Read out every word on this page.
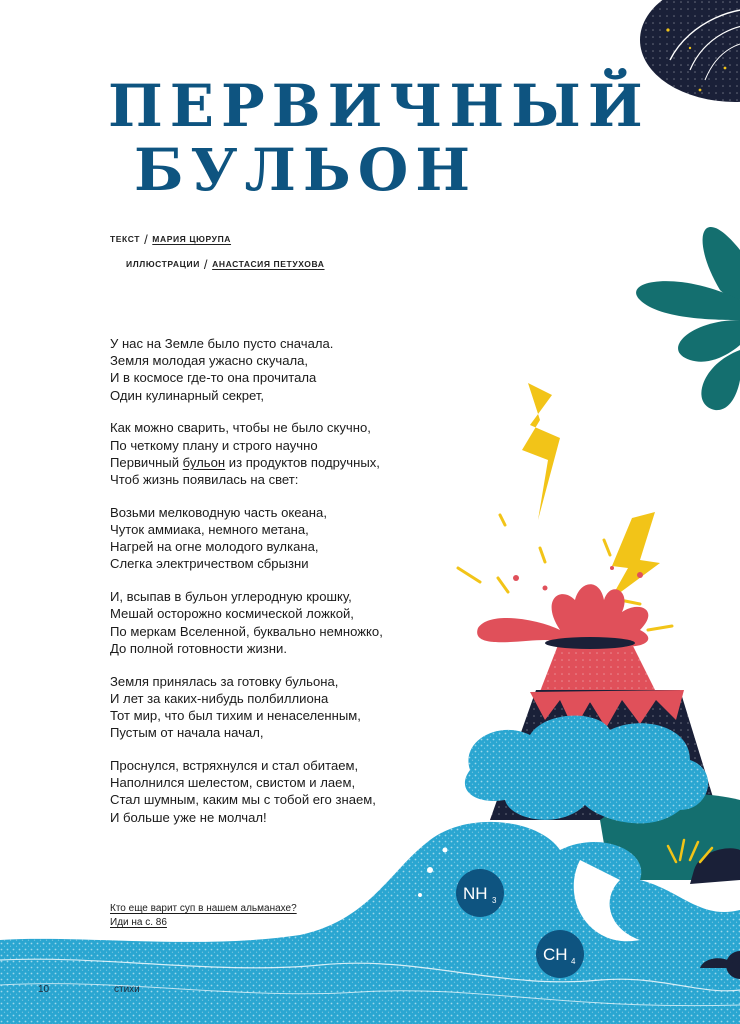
NH 3
CH 4
ПЕРВИЧНЫЙ
БУЛЬОН
ТЕКСТ / МАРИЯ ЦЮРУПА
ИЛЛЮСТРАЦИИ / АНАСТАСИЯ ПЕТУХОВА

У нас на Земле было пусто сначала.

Земля молодая ужасно скучала,

И в космосе где-то она прочитала

Один кулинарный секрет,

Как можно сварить, чтобы не было скучно,

По четкому плану и строго научно

Первичный бульон из продуктов подручных,

Чтоб жизнь появилась на свет:

Возьми мелководную часть океана,

Чуток аммиака, немного метана,

Нагрей на огне молодого вулкана,

Слегка электричеством сбрызни

И, всыпав в бульон углеродную крошку,

Мешай осторожно космической ложкой,

По меркам Вселенной, буквально немножко,

До полной готовности жизни.

Земля принялась за готовку бульона,

И лет за каких-нибудь полбиллиона

Тот мир, что был тихим и ненаселенным,

Пустым от начала начал,

Проснулся, встряхнулся и стал обитаем,

Наполнился шелестом, свистом и лаем,

Стал шумным, каким мы с тобой его знаем,

И больше уже не молчал!

Кто еще варит суп в нашем альманахе?

Иди на с. 86

10	стихи
